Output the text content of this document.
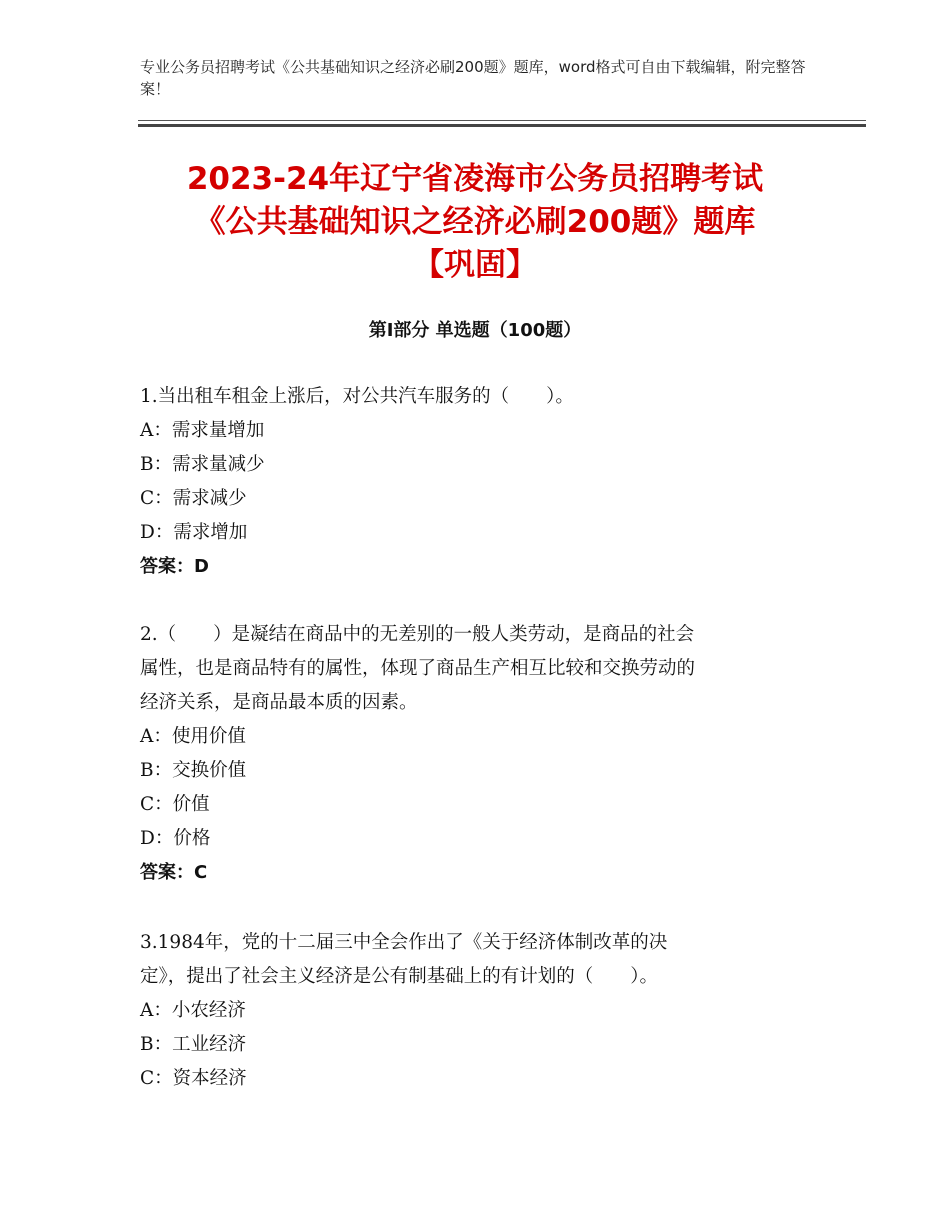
专业公务员招聘考试《公共基础知识之经济必刷200题》题库，word格式可自由下载编辑，附完整答案！
2023-24年辽宁省凌海市公务员招聘考试
《公共基础知识之经济必刷200题》题库
【巩固】
第Ⅰ部分 单选题（100题）
1.当出租车租金上涨后，对公共汽车服务的（　　）。
A：需求量增加
B：需求量减少
C：需求减少
D：需求增加
答案：D
2.（　　）是凝结在商品中的无差别的一般人类劳动，是商品的社会
属性，也是商品特有的属性，体现了商品生产相互比较和交换劳动的
经济关系，是商品最本质的因素。
A：使用价值
B：交换价值
C：价值
D：价格
答案：C
3.1984年，党的十二届三中全会作出了《关于经济体制改革的决
定》，提出了社会主义经济是公有制基础上的有计划的（　　）。
A：小农经济
B：工业经济
C：资本经济
